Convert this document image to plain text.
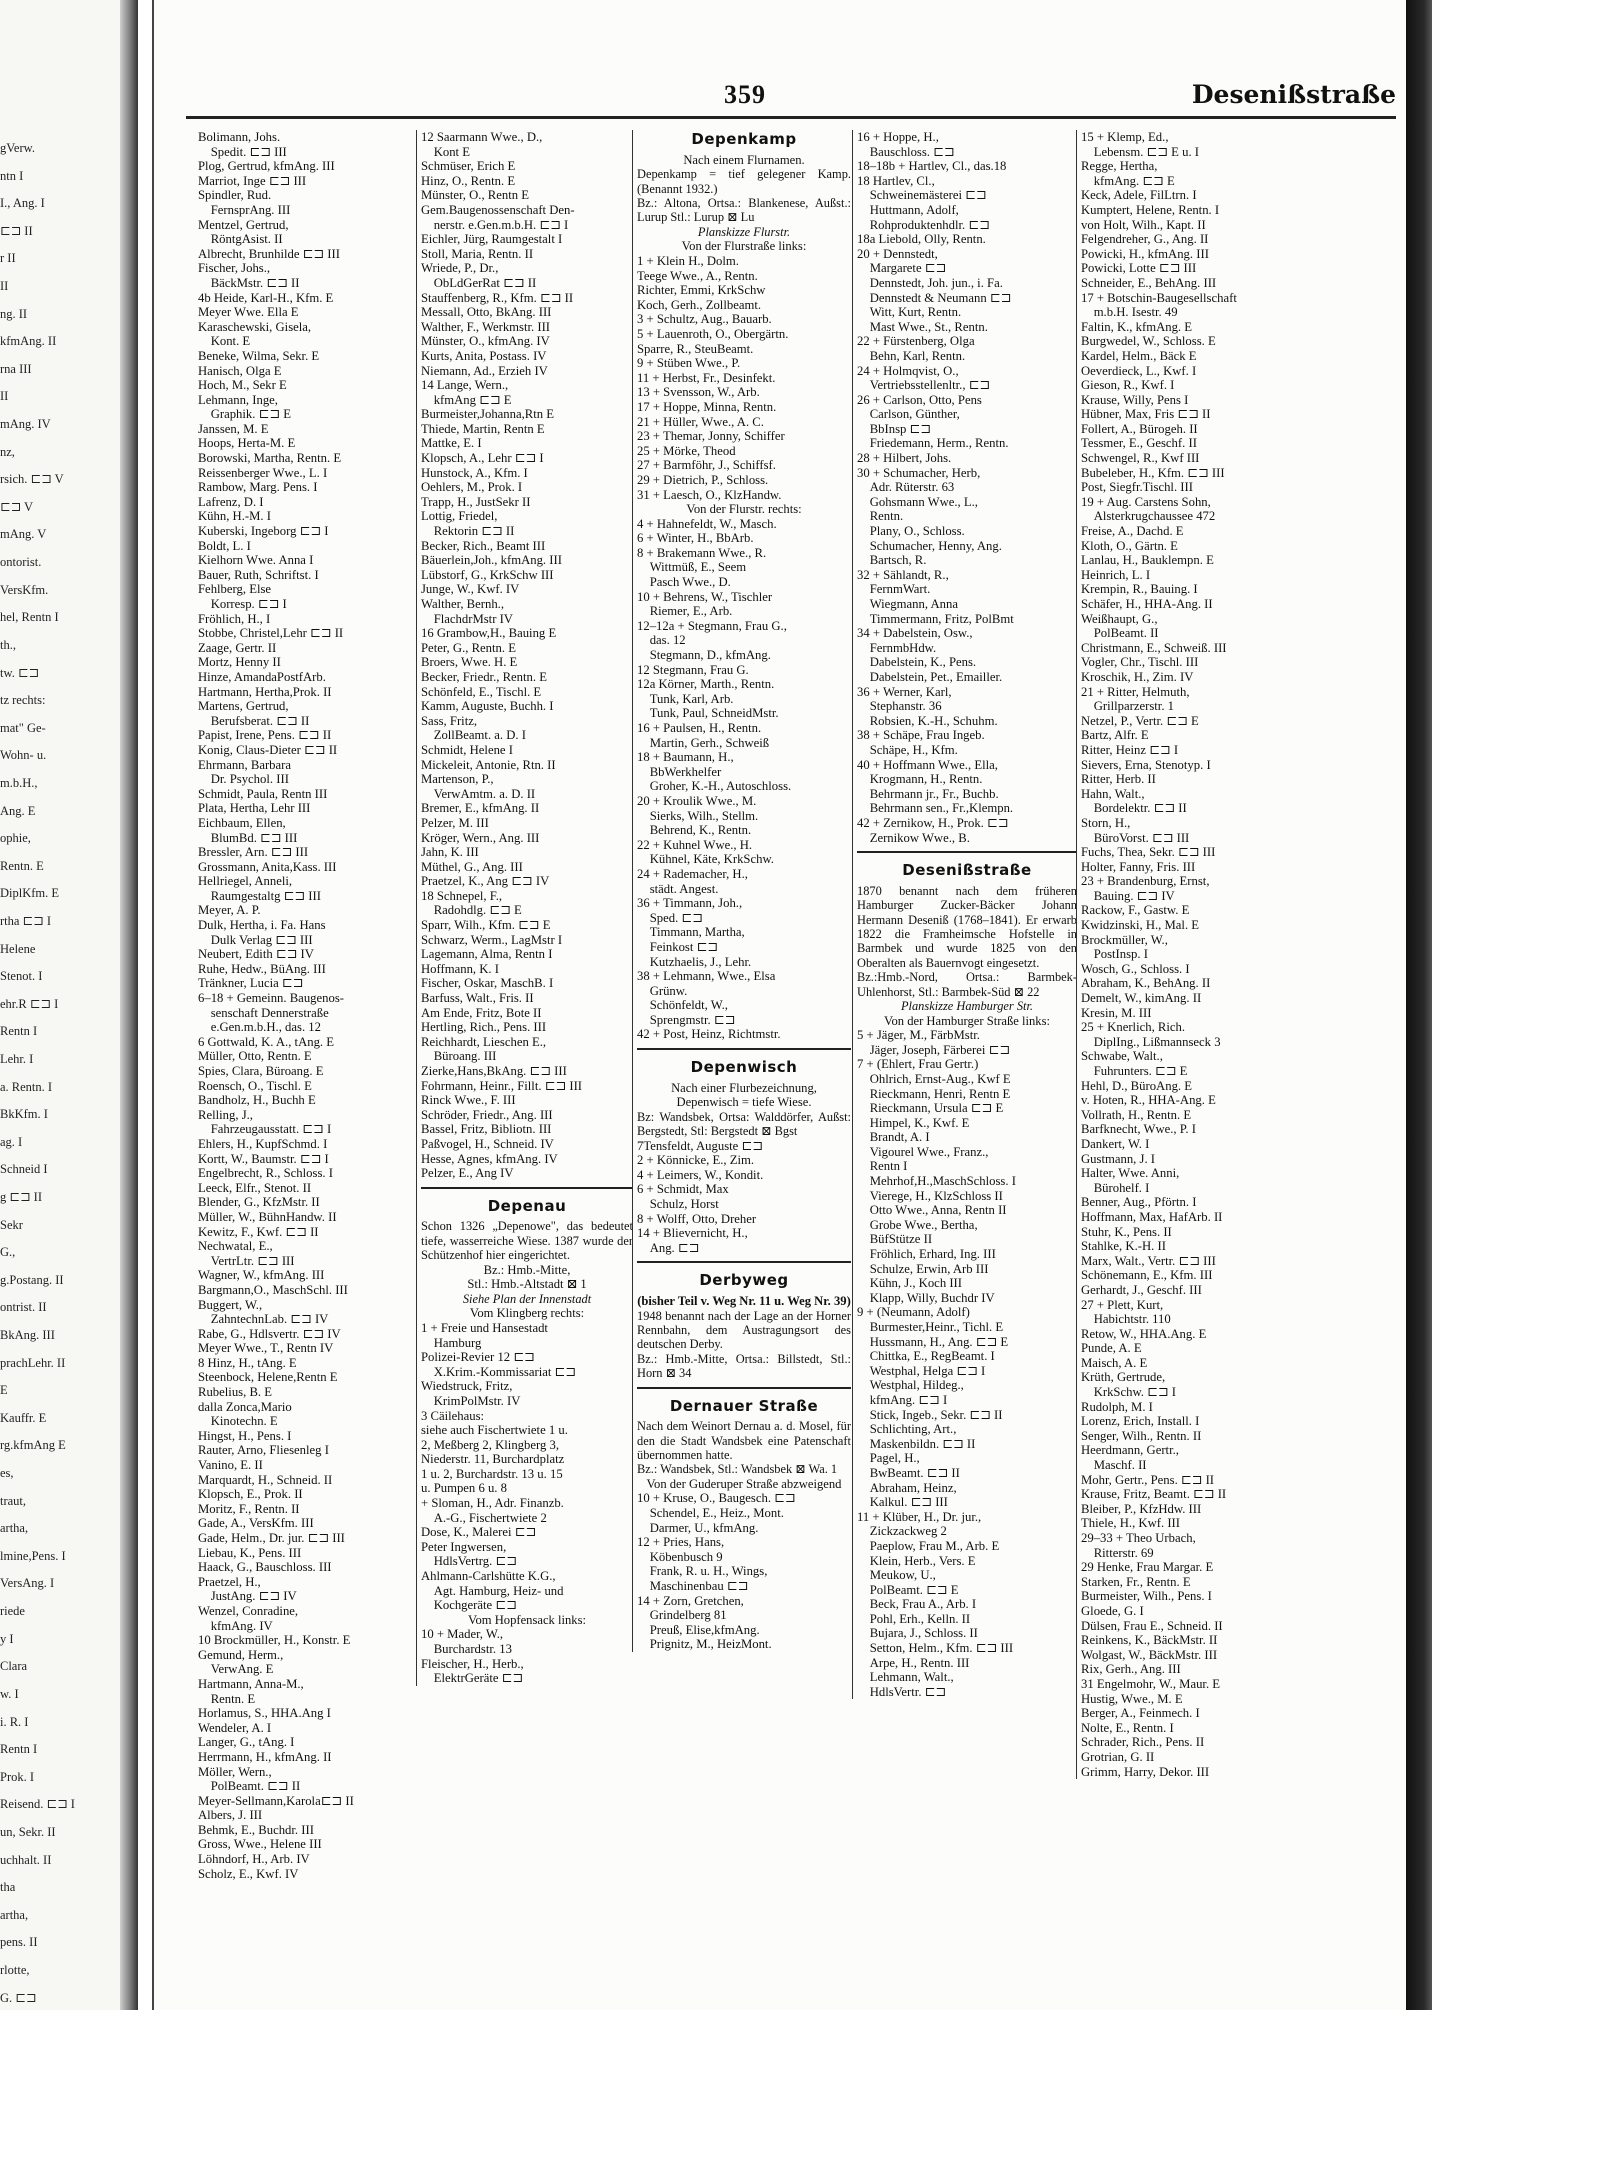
gVerw.
ntn I
I., Ang. I
⊏⊐ II
r II
II
ng. II
kfmAng. II
rna III
II
mAng. IV
nz,
rsich. ⊏⊐ V
⊏⊐ V
mAng. V
ontorist.
VersKfm.
hel, Rentn I
th.,
tw. ⊏⊐
tz rechts:
mat" Ge-
Wohn- u.
m.b.H.,
Ang. E
ophie,
Rentn. E
DiplKfm. E
rtha ⊏⊐ I
Helene
Stenot. I
ehr.R ⊏⊐ I
Rentn I
Lehr. I
a. Rentn. I
BkKfm. I
ag. I
Schneid I
g ⊏⊐ II
Sekr
G.,
g.Postang. II
ontrist. II
BkAng. III
prachLehr. II
E
Kauffr. E
rg.kfmAng E
es,
traut,
artha,
lmine,Pens. I
VersAng. I
riede
y I
Clara
w. I
i. R. I
Rentn I
Prok. I
Reisend. ⊏⊐ I
un, Sekr. II
uchhalt. II
tha
artha,
pens. II
rlotte,
G. ⊏⊐
359	Desenißstraße
Bolimann, Johs.
 Spedit. ⊏⊐ III
Plog, Gertrud, kfmAng. III
Marriot, Inge ⊏⊐ III
Spindler, Rud.
 FernsprAng. III
Mentzel, Gertrud,
 RöntgAsist. II
Albrecht, Brunhilde ⊏⊐ III
Fischer, Johs.,
 BäckMstr. ⊏⊐ II
4b Heide, Karl-H., Kfm. E
Meyer Wwe. Ella E
Karaschewski, Gisela,
 Kont. E
Beneke, Wilma, Sekr. E
Hanisch, Olga E
Hoch, M., Sekr E
Lehmann, Inge,
 Graphik. ⊏⊐ E
Janssen, M. E
Hoops, Herta-M. E
Borowski, Martha, Rentn. E
Reissenberger Wwe., L. I
Rambow, Marg. Pens. I
Lafrenz, D. I
Kühn, H.-M. I
Kuberski, Ingeborg ⊏⊐ I
Boldt, L. I
Kielhorn Wwe. Anna I
Bauer, Ruth, Schriftst. I
Fehlberg, Else
 Korresp. ⊏⊐ I
Fröhlich, H., I
Stobbe, Christel,Lehr ⊏⊐ II
Zaage, Gertr. II
Mortz, Henny II
Hinze, AmandaPostfArb.
Hartmann, Hertha,Prok. II
Martens, Gertrud,
 Berufsberat. ⊏⊐ II
Papist, Irene, Pens. ⊏⊐ II
Konig, Claus-Dieter ⊏⊐ II
Ehrmann, Barbara
 Dr. Psychol. III
Schmidt, Paula, Rentn III
Plata, Hertha, Lehr III
Eichbaum, Ellen,
 BlumBd. ⊏⊐ III
Bressler, Arn. ⊏⊐ III
Grossmann, Anita,Kass. III
Hellriegel, Anneli,
 Raumgestaltg ⊏⊐ III
Meyer, A. P.
Dulk, Hertha, i. Fa. Hans
 Dulk Verlag ⊏⊐ III
Neubert, Edith ⊏⊐ IV
Ruhe, Hedw., BüAng. III
Tränkner, Lucia ⊏⊐
6–18 + Gemeinn. Baugenos-
 senschaft Dennerstraße
 e.Gen.m.b.H., das. 12
6 Gottwald, K. A., tAng. E
Müller, Otto, Rentn. E
Spies, Clara, Büroang. E
Roensch, O., Tischl. E
Bandholz, H., Buchh E
Relling, J.,
 Fahrzeugausstatt. ⊏⊐ I
Ehlers, H., KupfSchmd. I
Kortt, W., Baumstr. ⊏⊐ I
Engelbrecht, R., Schloss. I
Leeck, Elfr., Stenot. II
Blender, G., KfzMstr. II
Müller, W., BühnHandw. II
Kewitz, F., Kwf. ⊏⊐ II
Nechwatal, E.,
 VertrLtr. ⊏⊐ III
Wagner, W., kfmAng. III
Bargmann,O., MaschSchl. III
Buggert, W.,
 ZahntechnLab. ⊏⊐ IV
Rabe, G., Hdlsvertr. ⊏⊐ IV
Meyer Wwe., T., Rentn IV
8 Hinz, H., tAng. E
Steenbock, Helene,Rentn E
Rubelius, B. E
dalla Zonca,Mario
 Kinotechn. E
Hingst, H., Pens. I
Rauter, Arno, Fliesenleg I
Vanino, E. II
Marquardt, H., Schneid. II
Klopsch, E., Prok. II
Moritz, F., Rentn. II
Gade, A., VersKfm. III
Gade, Helm., Dr. jur. ⊏⊐ III
Liebau, K., Pens. III
Haack, G., Bauschloss. III
Praetzel, H.,
 JustAng. ⊏⊐ IV
Wenzel, Conradine,
 kfmAng. IV
10 Brockmüller, H., Konstr. E
Gemund, Herm.,
 VerwAng. E
Hartmann, Anna-M.,
 Rentn. E
Horlamus, S., HHA.Ang I
Wendeler, A. I
Langer, G., tAng. I
Herrmann, H., kfmAng. II
Möller, Wern.,
 PolBeamt. ⊏⊐ II
Meyer-Sellmann,Karola⊏⊐ II
Albers, J. III
Behmk, E., Buchdr. III
Gross, Wwe., Helene III
Löhndorf, H., Arb. IV
Scholz, E., Kwf. IV
12 Saarmann Wwe., D.,
 Kont E
Schmüser, Erich E
Hinz, O., Rentn. E
Münster, O., Rentn E
Gem.Baugenossenschaft Den-
 nerstr. e.Gen.m.b.H. ⊏⊐ I
Eichler, Jürg, Raumgestalt I
Stoll, Maria, Rentn. II
Wriede, P., Dr.,
 ObLdGerRat ⊏⊐ II
Stauffenberg, R., Kfm. ⊏⊐ II
Messall, Otto, BkAng. III
Walther, F., Werkmstr. III
Münster, O., kfmAng. IV
Kurts, Anita, Postass. IV
Niemann, Ad., Erzieh IV
14 Lange, Wern.,
 kfmAng ⊏⊐ E
Burmeister,Johanna,Rtn E
Thiede, Martin, Rentn E
Mattke, E. I
Klopsch, A., Lehr ⊏⊐ I
Hunstock, A., Kfm. I
Oehlers, M., Prok. I
Trapp, H., JustSekr II
Lottig, Friedel,
 Rektorin ⊏⊐ II
Becker, Rich., Beamt III
Bäuerlein,Joh., kfmAng. III
Lübstorf, G., KrkSchw III
Junge, W., Kwf. IV
Walther, Bernh.,
 FlachdrMstr IV
16 Grambow,H., Bauing E
Peter, G., Rentn. E
Broers, Wwe. H. E
Becker, Friedr., Rentn. E
Schönfeld, E., Tischl. E
Kamm, Auguste, Buchh. I
Sass, Fritz,
 ZollBeamt. a. D. I
Schmidt, Helene I
Mickeleit, Antonie, Rtn. II
Martenson, P.,
 VerwAmtm. a. D. II
Bremer, E., kfmAng. II
Pelzer, M. III
Kröger, Wern., Ang. III
Jahn, K. III
Müthel, G., Ang. III
Praetzel, K., Ang ⊏⊐ IV
18 Schnepel, F.,
 Radohdlg. ⊏⊐ E
Sparr, Wilh., Kfm. ⊏⊐ E
Schwarz, Werm., LagMstr I
Lagemann, Alma, Rentn I
Hoffmann, K. I
Fischer, Oskar, MaschB. I
Barfuss, Walt., Fris. II
Am Ende, Fritz, Bote II
Hertling, Rich., Pens. III
Reichhardt, Lieschen E.,
 Büroang. III
Zierke,Hans,BkAng. ⊏⊐ III
Fohrmann, Heinr., Fillt. ⊏⊐ III
Rinck Wwe., F. III
Schröder, Friedr., Ang. III
Bassel, Fritz, Bibliotn. III
Paßvogel, H., Schneid. IV
Hesse, Agnes, kfmAng. IV
Pelzer, E., Ang IV
Depenau
Schon 1326 „Depenowe", das bedeutet tiefe, wasserreiche Wiese. 1387 wurde der Schützenhof hier eingerichtet.
Bz.: Hmb.-Mitte,
Stl.: Hmb.-Altstadt ⊠ 1
Siehe Plan der Innenstadt
Vom Klingberg rechts:
1 + Freie und Hansestadt
 Hamburg
Polizei-Revier 12 ⊏⊐
 X.Krim.-Kommissariat ⊏⊐
Wiedstruck, Fritz,
 KrimPolMstr. IV
3 Cäilehaus:
siehe auch Fischertwiete 1 u.
2, Meßberg 2, Klingberg 3,
Niederstr. 11, Burchardplatz
1 u. 2, Burchardstr. 13 u. 15
u. Pumpen 6 u. 8
+ Sloman, H., Adr. Finanzb.
 A.-G., Fischertwiete 2
Dose, K., Malerei ⊏⊐
Peter Ingwersen,
 HdlsVertrg. ⊏⊐
Ahlmann-Carlshütte K.G.,
 Agt. Hamburg, Heiz- und
 Kochgeräte ⊏⊐
Vom Hopfensack links:
10 + Mader, W.,
 Burchardstr. 13
Fleischer, H., Herb.,
 ElektrGeräte ⊏⊐
Depenkamp
Nach einem Flurnamen.
Depenkamp = tief gelegener Kamp. (Benannt 1932.)
Bz.: Altona, Ortsa.: Blankenese, Außst.: Lurup Stl.: Lurup ⊠ Lu
Planskizze Flurstr.
Von der Flurstraße links:
1 + Klein H., Dolm.
Teege Wwe., A., Rentn.
Richter, Emmi, KrkSchw
Koch, Gerh., Zollbeamt.
3 + Schultz, Aug., Bauarb.
5 + Lauenroth, O., Obergärtn.
Sparre, R., SteuBeamt.
9 + Stüben Wwe., P.
11 + Herbst, Fr., Desinfekt.
13 + Svensson, W., Arb.
17 + Hoppe, Minna, Rentn.
21 + Hüller, Wwe., A. C.
23 + Themar, Jonny, Schiffer
25 + Mörke, Theod
27 + Barmföhr, J., Schiffsf.
29 + Dietrich, P., Schloss.
31 + Laesch, O., KlzHandw.
Von der Flurstr. rechts:
4 + Hahnefeldt, W., Masch.
6 + Winter, H., BbArb.
8 + Brakemann Wwe., R.
 Wittmüß, E., Seem
 Pasch Wwe., D.
10 + Behrens, W., Tischler
 Riemer, E., Arb.
12–12a + Stegmann, Frau G.,
 das. 12
 Stegmann, D., kfmAng.
12 Stegmann, Frau G.
12a Körner, Marth., Rentn.
 Tunk, Karl, Arb.
 Tunk, Paul, SchneidMstr.
16 + Paulsen, H., Rentn.
 Martin, Gerh., Schweiß
18 + Baumann, H.,
 BbWerkhelfer
 Groher, K.-H., Autoschloss.
20 + Kroulik Wwe., M.
 Sierks, Wilh., Stellm.
 Behrend, K., Rentn.
22 + Kuhnel Wwe., H.
 Kühnel, Käte, KrkSchw.
24 + Rademacher, H.,
 städt. Angest.
36 + Timmann, Joh.,
 Sped. ⊏⊐
 Timmann, Martha,
 Feinkost ⊏⊐
 Kutzhaelis, J., Lehr.
38 + Lehmann, Wwe., Elsa
 Grünw.
 Schönfeldt, W.,
 Sprengmstr. ⊏⊐
42 + Post, Heinz, Richtmstr.
Depenwisch
Nach einer Flurbezeichnung,
Depenwisch = tiefe Wiese.
Bz: Wandsbek, Ortsa: Walddörfer, Außst: Bergstedt, Stl: Bergstedt ⊠ Bgst
7Tensfeldt, Auguste ⊏⊐
2 + Könnicke, E., Zim.
4 + Leimers, W., Kondit.
6 + Schmidt, Max
 Schulz, Horst
8 + Wolff, Otto, Dreher
14 + Blievernicht, H.,
 Ang. ⊏⊐
Derbyweg
(bisher Teil v. Weg Nr. 11 u. Weg Nr. 39)
1948 benannt nach der Lage an der Horner Rennbahn, dem Austragungsort des deutschen Derby.
Bz.: Hmb.-Mitte, Ortsa.: Billstedt, Stl.: Horn ⊠ 34
Dernauer Straße
Nach dem Weinort Dernau a. d. Mosel, für den die Stadt Wandsbek eine Patenschaft übernommen hatte.
Bz.: Wandsbek, Stl.: Wandsbek ⊠ Wa. 1
Von der Guderuper Straße abzweigend
10 + Kruse, O., Baugesch. ⊏⊐
 Schendel, E., Heiz., Mont.
 Darmer, U., kfmAng.
12 + Pries, Hans,
 Köbenbusch 9
 Frank, R. u. H., Wings,
 Maschinenbau ⊏⊐
14 + Zorn, Gretchen,
 Grindelberg 81
 Preuß, Elise,kfmAng.
 Prignitz, M., HeizMont.
16 + Hoppe, H.,
 Bauschloss. ⊏⊐
18–18b + Hartlev, Cl., das.18
18 Hartlev, Cl.,
 Schweinemästerei ⊏⊐
 Huttmann, Adolf,
 Rohproduktenhdlr. ⊏⊐
18a Liebold, Olly, Rentn.
20 + Dennstedt,
 Margarete ⊏⊐
 Dennstedt, Joh. jun., i. Fa.
 Dennstedt & Neumann ⊏⊐
 Witt, Kurt, Rentn.
 Mast Wwe., St., Rentn.
22 + Fürstenberg, Olga
 Behn, Karl, Rentn.
24 + Holmqvist, O.,
 Vertriebsstellenltr., ⊏⊐
26 + Carlson, Otto, Pens
 Carlson, Günther,
 BbInsp ⊏⊐
 Friedemann, Herm., Rentn.
28 + Hilbert, Johs.
30 + Schumacher, Herb,
 Adr. Rüterstr. 63
 Gohsmann Wwe., L.,
 Rentn.
 Plany, O., Schloss.
 Schumacher, Henny, Ang.
 Bartsch, R.
32 + Sählandt, R.,
 FernmWart.
 Wiegmann, Anna
 Timmermann, Fritz, PolBmt
34 + Dabelstein, Osw.,
 FernmbHdw.
 Dabelstein, K., Pens.
 Dabelstein, Pet., Emailler.
36 + Werner, Karl,
 Stephanstr. 36
 Robsien, K.-H., Schuhm.
38 + Schäpe, Frau Ingeb.
 Schäpe, H., Kfm.
40 + Hoffmann Wwe., Ella,
 Krogmann, H., Rentn.
 Behrmann jr., Fr., Buchb.
 Behrmann sen., Fr.,Klempn.
42 + Zernikow, H., Prok. ⊏⊐
 Zernikow Wwe., B.
Desenißstraße
1870 benannt nach dem früheren Hamburger Zucker-Bäcker Johann Hermann Deseniß (1768–1841). Er erwarb 1822 die Framheimsche Hofstelle in Barmbek und wurde 1825 von den Oberalten als Bauernvogt eingesetzt.
Bz.:Hmb.-Nord, Ortsa.: Barmbek-Uhlenhorst, Stl.: Barmbek-Süd ⊠ 22
Planskizze Hamburger Str.
Von der Hamburger Straße links:
5 + Jäger, M., FärbMstr.
 Jäger, Joseph, Färberei ⊏⊐
7 + (Ehlert, Frau Gertr.)
 Ohlrich, Ernst-Aug., Kwf E
 Rieckmann, Henri, Rentn E
 Rieckmann, Ursula ⊏⊐ E
 Himpel, K., Kwf. E
 Brandt, A. I
 Vigourel Wwe., Franz.,
 Rentn I
 Mehrhof,H.,MaschSchloss. I
 Vierege, H., KlzSchloss II
 Otto Wwe., Anna, Rentn II
 Grobe Wwe., Bertha,
 BüfStütze II
 Fröhlich, Erhard, Ing. III
 Schulze, Erwin, Arb III
 Kühn, J., Koch III
 Klapp, Willy, Buchdr IV
9 + (Neumann, Adolf)
 Burmester,Heinr., Tichl. E
 Hussmann, H., Ang. ⊏⊐ E
 Chittka, E., RegBeamt. I
 Westphal, Helga ⊏⊐ I
 Westphal, Hildeg.,
 kfmAng. ⊏⊐ I
 Stick, Ingeb., Sekr. ⊏⊐ II
 Schlichting, Art.,
 Maskenbildn. ⊏⊐ II
 Pagel, H.,
 BwBeamt. ⊏⊐ II
 Abraham, Heinz,
 Kalkul. ⊏⊐ III
11 + Klüber, H., Dr. jur.,
 Zickzackweg 2
 Paeplow, Frau M., Arb. E
 Klein, Herb., Vers. E
 Meukow, U.,
 PolBeamt. ⊏⊐ E
 Beck, Frau A., Arb. I
 Pohl, Erh., Kelln. II
 Bujara, J., Schloss. II
 Setton, Helm., Kfm. ⊏⊐ III
 Arpe, H., Rentn. III
 Lehmann, Walt.,
 HdlsVertr. ⊏⊐
15 + Klemp, Ed.,
 Lebensm. ⊏⊐ E u. I
Regge, Hertha,
 kfmAng. ⊏⊐ E
Keck, Adele, FilLtrn. I
Kumptert, Helene, Rentn. I
von Holt, Wilh., Kapt. II
Felgendreher, G., Ang. II
Powicki, H., kfmAng. III
Powicki, Lotte ⊏⊐ III
Schneider, E., BehAng. III
17 + Botschin-Baugesellschaft
 m.b.H. Isestr. 49
Faltin, K., kfmAng. E
Burgwedel, W., Schloss. E
Kardel, Helm., Bäck E
Oeverdieck, L., Kwf. I
Gieson, R., Kwf. I
Krause, Willy, Pens I
Hübner, Max, Fris ⊏⊐ II
Follert, A., Bürogeh. II
Tessmer, E., Geschf. II
Schwengel, R., Kwf III
Bubeleber, H., Kfm. ⊏⊐ III
Post, Siegfr.Tischl. III
19 + Aug. Carstens Sohn,
 Alsterkrugchaussee 472
Freise, A., Dachd. E
Kloth, O., Gärtn. E
Lanlau, H., Bauklempn. E
Heinrich, L. I
Krempin, R., Bauing. I
Schäfer, H., HHA-Ang. II
Weißhaupt, G.,
 PolBeamt. II
Christmann, E., Schweiß. III
Vogler, Chr., Tischl. III
Kroschik, H., Zim. IV
21 + Ritter, Helmuth,
 Grillparzerstr. 1
Netzel, P., Vertr. ⊏⊐ E
Bartz, Alfr. E
Ritter, Heinz ⊏⊐ I
Sievers, Erna, Stenotyp. I
Ritter, Herb. II
Hahn, Walt.,
 Bordelektr. ⊏⊐ II
Storn, H.,
 BüroVorst. ⊏⊐ III
Fuchs, Thea, Sekr. ⊏⊐ III
Holter, Fanny, Fris. III
23 + Brandenburg, Ernst,
 Bauing. ⊏⊐ IV
Rackow, F., Gastw. E
Kwidzinski, H., Mal. E
Brockmüller, W.,
 PostInsp. I
Wosch, G., Schloss. I
Abraham, K., BehAng. II
Demelt, W., kimAng. II
Kresin, M. III
25 + Knerlich, Rich.
 DiplIng., Lißmannseck 3
Schwabe, Walt.,
 Fuhrunters. ⊏⊐ E
Hehl, D., BüroAng. E
v. Hoten, R., HHA-Ang. E
Vollrath, H., Rentn. E
Barfknecht, Wwe., P. I
Dankert, W. I
Gustmann, J. I
Halter, Wwe. Anni,
 Bürohelf. I
Benner, Aug., Pförtn. I
Hoffmann, Max, HafArb. II
Stuhr, K., Pens. II
Stahlke, K.-H. II
Marx, Walt., Vertr. ⊏⊐ III
Schönemann, E., Kfm. III
Gerhardt, J., Geschf. III
27 + Plett, Kurt,
 Habichtstr. 110
Retow, W., HHA.Ang. E
Punde, A. E
Maisch, A. E
Krüth, Gertrude,
 KrkSchw. ⊏⊐ I
Rudolph, M. I
Lorenz, Erich, Install. I
Senger, Wilh., Rentn. II
Heerdmann, Gertr.,
 Maschf. II
Mohr, Gertr., Pens. ⊏⊐ II
Krause, Fritz, Beamt. ⊏⊐ II
Bleiber, P., KfzHdw. III
Thiele, H., Kwf. III
29–33 + Theo Urbach,
 Ritterstr. 69
29 Henke, Frau Margar. E
Starken, Fr., Rentn. E
Burmeister, Wilh., Pens. I
Gloede, G. I
Dülsen, Frau E., Schneid. II
Reinkens, K., BäckMstr. II
Wolgast, W., BäckMstr. III
Rix, Gerh., Ang. III
31 Engelmohr, W., Maur. E
Hustig, Wwe., M. E
Berger, A., Feinmech. I
Nolte, E., Rentn. I
Schrader, Rich., Pens. II
Grotrian, G. II
Grimm, Harry, Dekor. III
